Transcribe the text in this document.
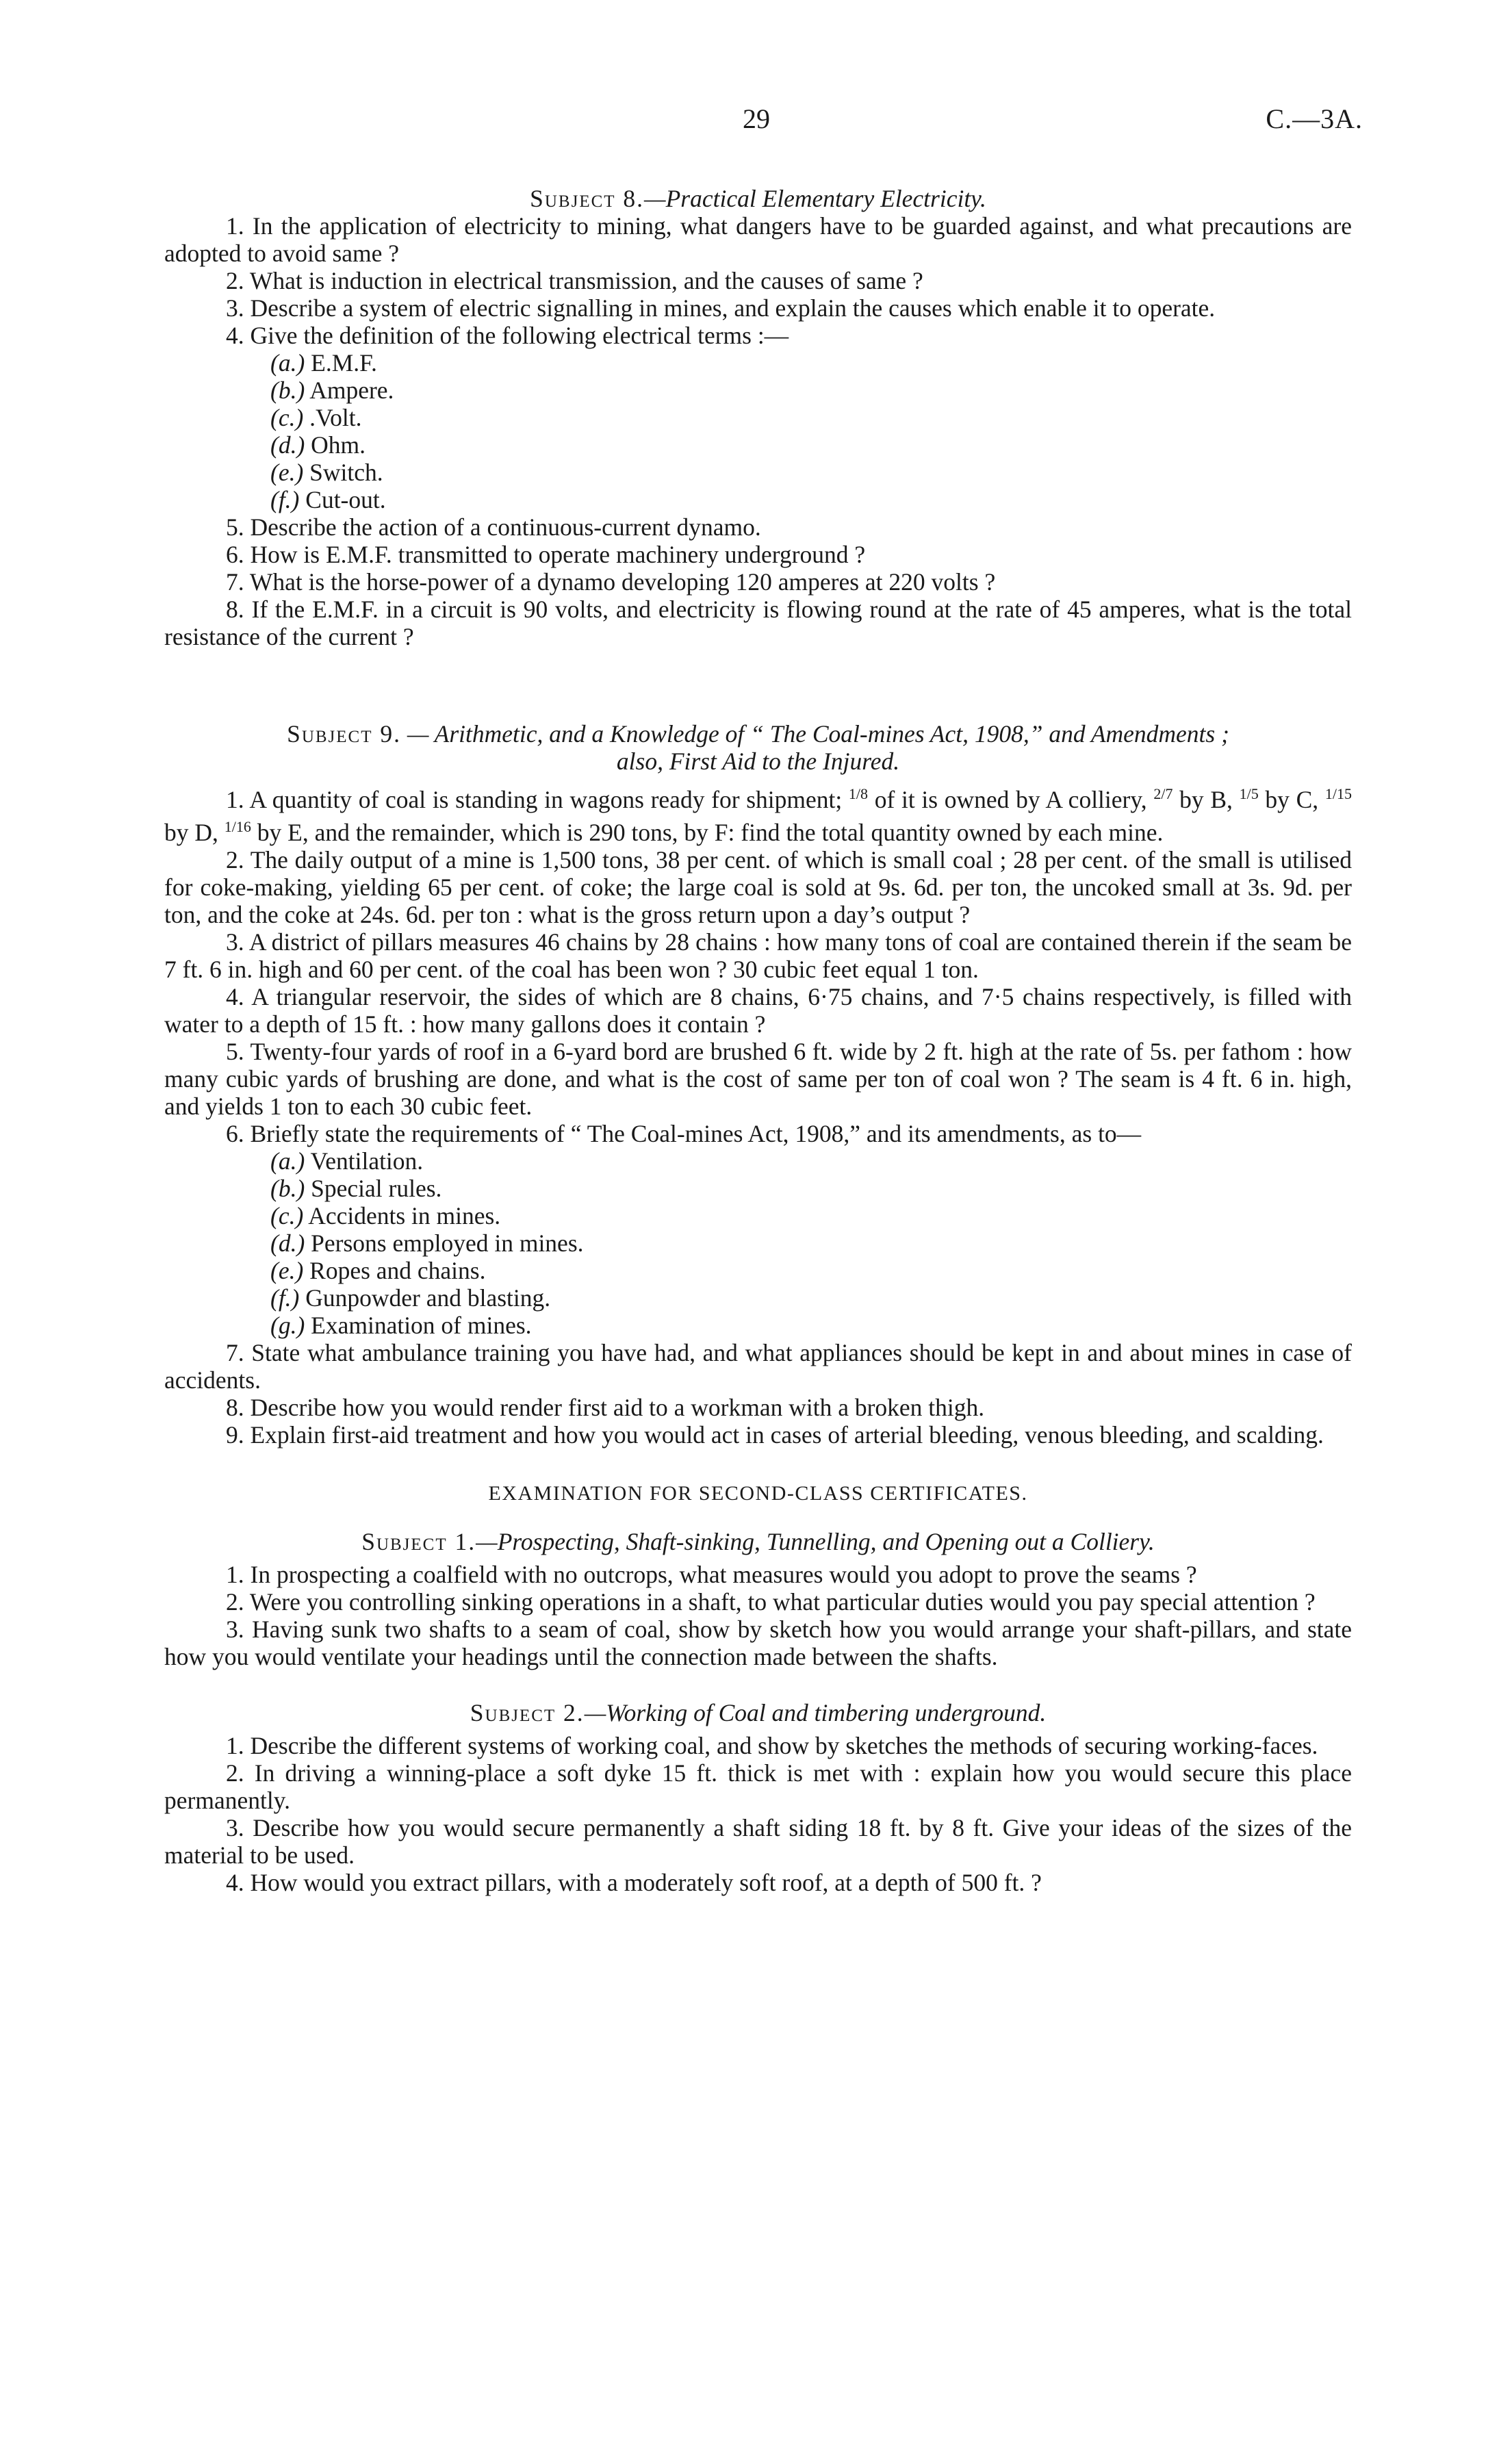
29	C.—3A.

Subject 8.—Practical Elementary Electricity.

1. In the application of electricity to mining, what dangers have to be guarded against, and what precautions are adopted to avoid same ?

2. What is induction in electrical transmission, and the causes of same ?

3. Describe a system of electric signalling in mines, and explain the causes which enable it to operate.

4. Give the definition of the following electrical terms :—

(a.) E.M.F.

(b.) Ampere.

(c.) .Volt.

(d.) Ohm.

(e.) Switch.

(f.) Cut-out.

5. Describe the action of a continuous-current dynamo.

6. How is E.M.F. transmitted to operate machinery underground ?

7. What is the horse-power of a dynamo developing 120 amperes at 220 volts ?

8. If the E.M.F. in a circuit is 90 volts, and electricity is flowing round at the rate of 45 amperes, what is the total resistance of the current ?

Subject 9. — Arithmetic, and a Knowledge of “ The Coal-mines Act, 1908,” and Amendments ;
also, First Aid to the Injured.

1. A quantity of coal is standing in wagons ready for shipment; $^{1/8}$ of it is owned by A colliery, $^{2/7}$ by B, $^{1/5}$ by C, $^{1/15}$ by D, $^{1/16}$ by E, and the remainder, which is 290 tons, by F: find the total quantity owned by each mine.

2. The daily output of a mine is 1,500 tons, 38 per cent. of which is small coal ; 28 per cent. of the small is utilised for coke-making, yielding 65 per cent. of coke; the large coal is sold at 9s. 6d. per ton, the uncoked small at 3s. 9d. per ton, and the coke at 24s. 6d. per ton : what is the gross return upon a day’s output ?

3. A district of pillars measures 46 chains by 28 chains : how many tons of coal are contained therein if the seam be 7 ft. 6 in. high and 60 per cent. of the coal has been won ? 30 cubic feet equal 1 ton.

4. A triangular reservoir, the sides of which are 8 chains, 6·75 chains, and 7·5 chains respectively, is filled with water to a depth of 15 ft. : how many gallons does it contain ?

5. Twenty-four yards of roof in a 6-yard bord are brushed 6 ft. wide by 2 ft. high at the rate of 5s. per fathom : how many cubic yards of brushing are done, and what is the cost of same per ton of coal won ? The seam is 4 ft. 6 in. high, and yields 1 ton to each 30 cubic feet.

6. Briefly state the requirements of “ The Coal-mines Act, 1908,” and its amendments, as to—

(a.) Ventilation.

(b.) Special rules.

(c.) Accidents in mines.

(d.) Persons employed in mines.

(e.) Ropes and chains.

(f.) Gunpowder and blasting.

(g.) Examination of mines.

7. State what ambulance training you have had, and what appliances should be kept in and about mines in case of accidents.

8. Describe how you would render first aid to a workman with a broken thigh.

9. Explain first-aid treatment and how you would act in cases of arterial bleeding, venous bleeding, and scalding.

EXAMINATION FOR SECOND-CLASS CERTIFICATES.

Subject 1.—Prospecting, Shaft-sinking, Tunnelling, and Opening out a Colliery.

1. In prospecting a coalfield with no outcrops, what measures would you adopt to prove the seams ?

2. Were you controlling sinking operations in a shaft, to what particular duties would you pay special attention ?

3. Having sunk two shafts to a seam of coal, show by sketch how you would arrange your shaft-pillars, and state how you would ventilate your headings until the connection made between the shafts.

Subject 2.—Working of Coal and timbering underground.

1. Describe the different systems of working coal, and show by sketches the methods of securing working-faces.

2. In driving a winning-place a soft dyke 15 ft. thick is met with : explain how you would secure this place permanently.

3. Describe how you would secure permanently a shaft siding 18 ft. by 8 ft. Give your ideas of the sizes of the material to be used.

4. How would you extract pillars, with a moderately soft roof, at a depth of 500 ft. ?
